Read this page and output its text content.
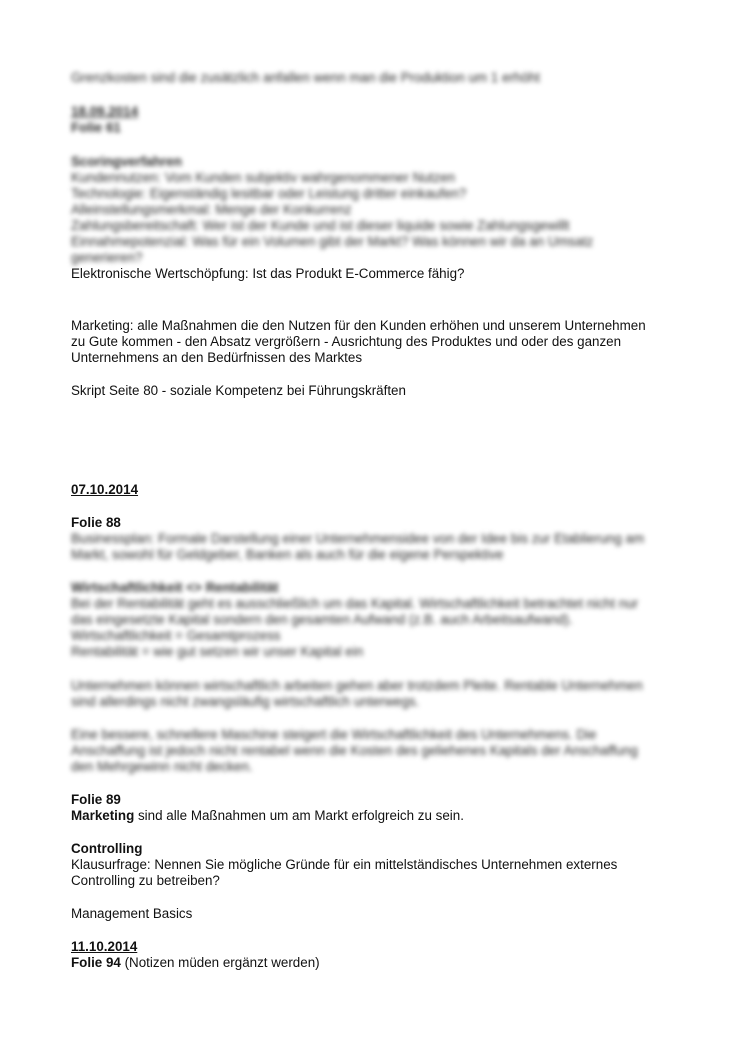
Grenzkosten sind die zusätzlich anfallen wenn man die Produktion um 1 erhöht
18.09.2014
Folie 61
Scoringverfahren
Kundennutzen: Vom Kunden subjektiv wahrgenommener Nutzen
Technologie: Eigenständig lesitbar oder Leistung dritter einkaufen?
Alleinstellungsmerkmal: Menge der Konkurrenz
Zahlungsbereitschaft: Wer ist der Kunde und ist dieser liquide sowie Zahlungsgewillt
Einnahmepotenzial: Was für ein Volumen gibt der Markt? Was können wir da an Umsatz
generieren?
Elektronische Wertschöpfung: Ist das Produkt E-Commerce fähig?
Marketing: alle Maßnahmen die den Nutzen für den Kunden erhöhen und unserem Unternehmen
zu Gute kommen - den Absatz vergrößern - Ausrichtung des Produktes und oder des ganzen
Unternehmens an den Bedürfnissen des Marktes
Skript Seite 80 - soziale Kompetenz bei Führungskräften
07.10.2014
Folie 88
Businessplan: Formale Darstellung einer Unternehmensidee von der Idee bis zur Etablierung am
Markt, sowohl für Geldgeber, Banken als auch für die eigene Perspektive
Wirtschaftlichkeit <> Rentabilität
Bei der Rentabilität geht es ausschließlich um das Kapital. Wirtschaftlichkeit betrachtet nicht nur
das eingesetzte Kapital sondern den gesamten Aufwand (z.B. auch Arbeitsaufwand).
Wirtschaftlichkeit = Gesamtprozess
Rentabilität = wie gut setzen wir unser Kapital ein
Unternehmen können wirtschaftlich arbeiten gehen aber trotzdem Pleite. Rentable Unternehmen
sind allerdings nicht zwangsläufig wirtschaftlich unterwegs.
Eine bessere, schnellere Maschine steigert die Wirtschaftlichkeit des Unternehmens. Die
Anschaffung ist jedoch nicht rentabel wenn die Kosten des geliehenes Kapitals der Anschaffung
den Mehrgewinn nicht decken.
Folie 89
Marketing sind alle Maßnahmen um am Markt erfolgreich zu sein.
Controlling
Klausurfrage: Nennen Sie mögliche Gründe für ein mittelständisches Unternehmen externes
Controlling zu betreiben?
Management Basics
11.10.2014
Folie 94 (Notizen müden ergänzt werden)
